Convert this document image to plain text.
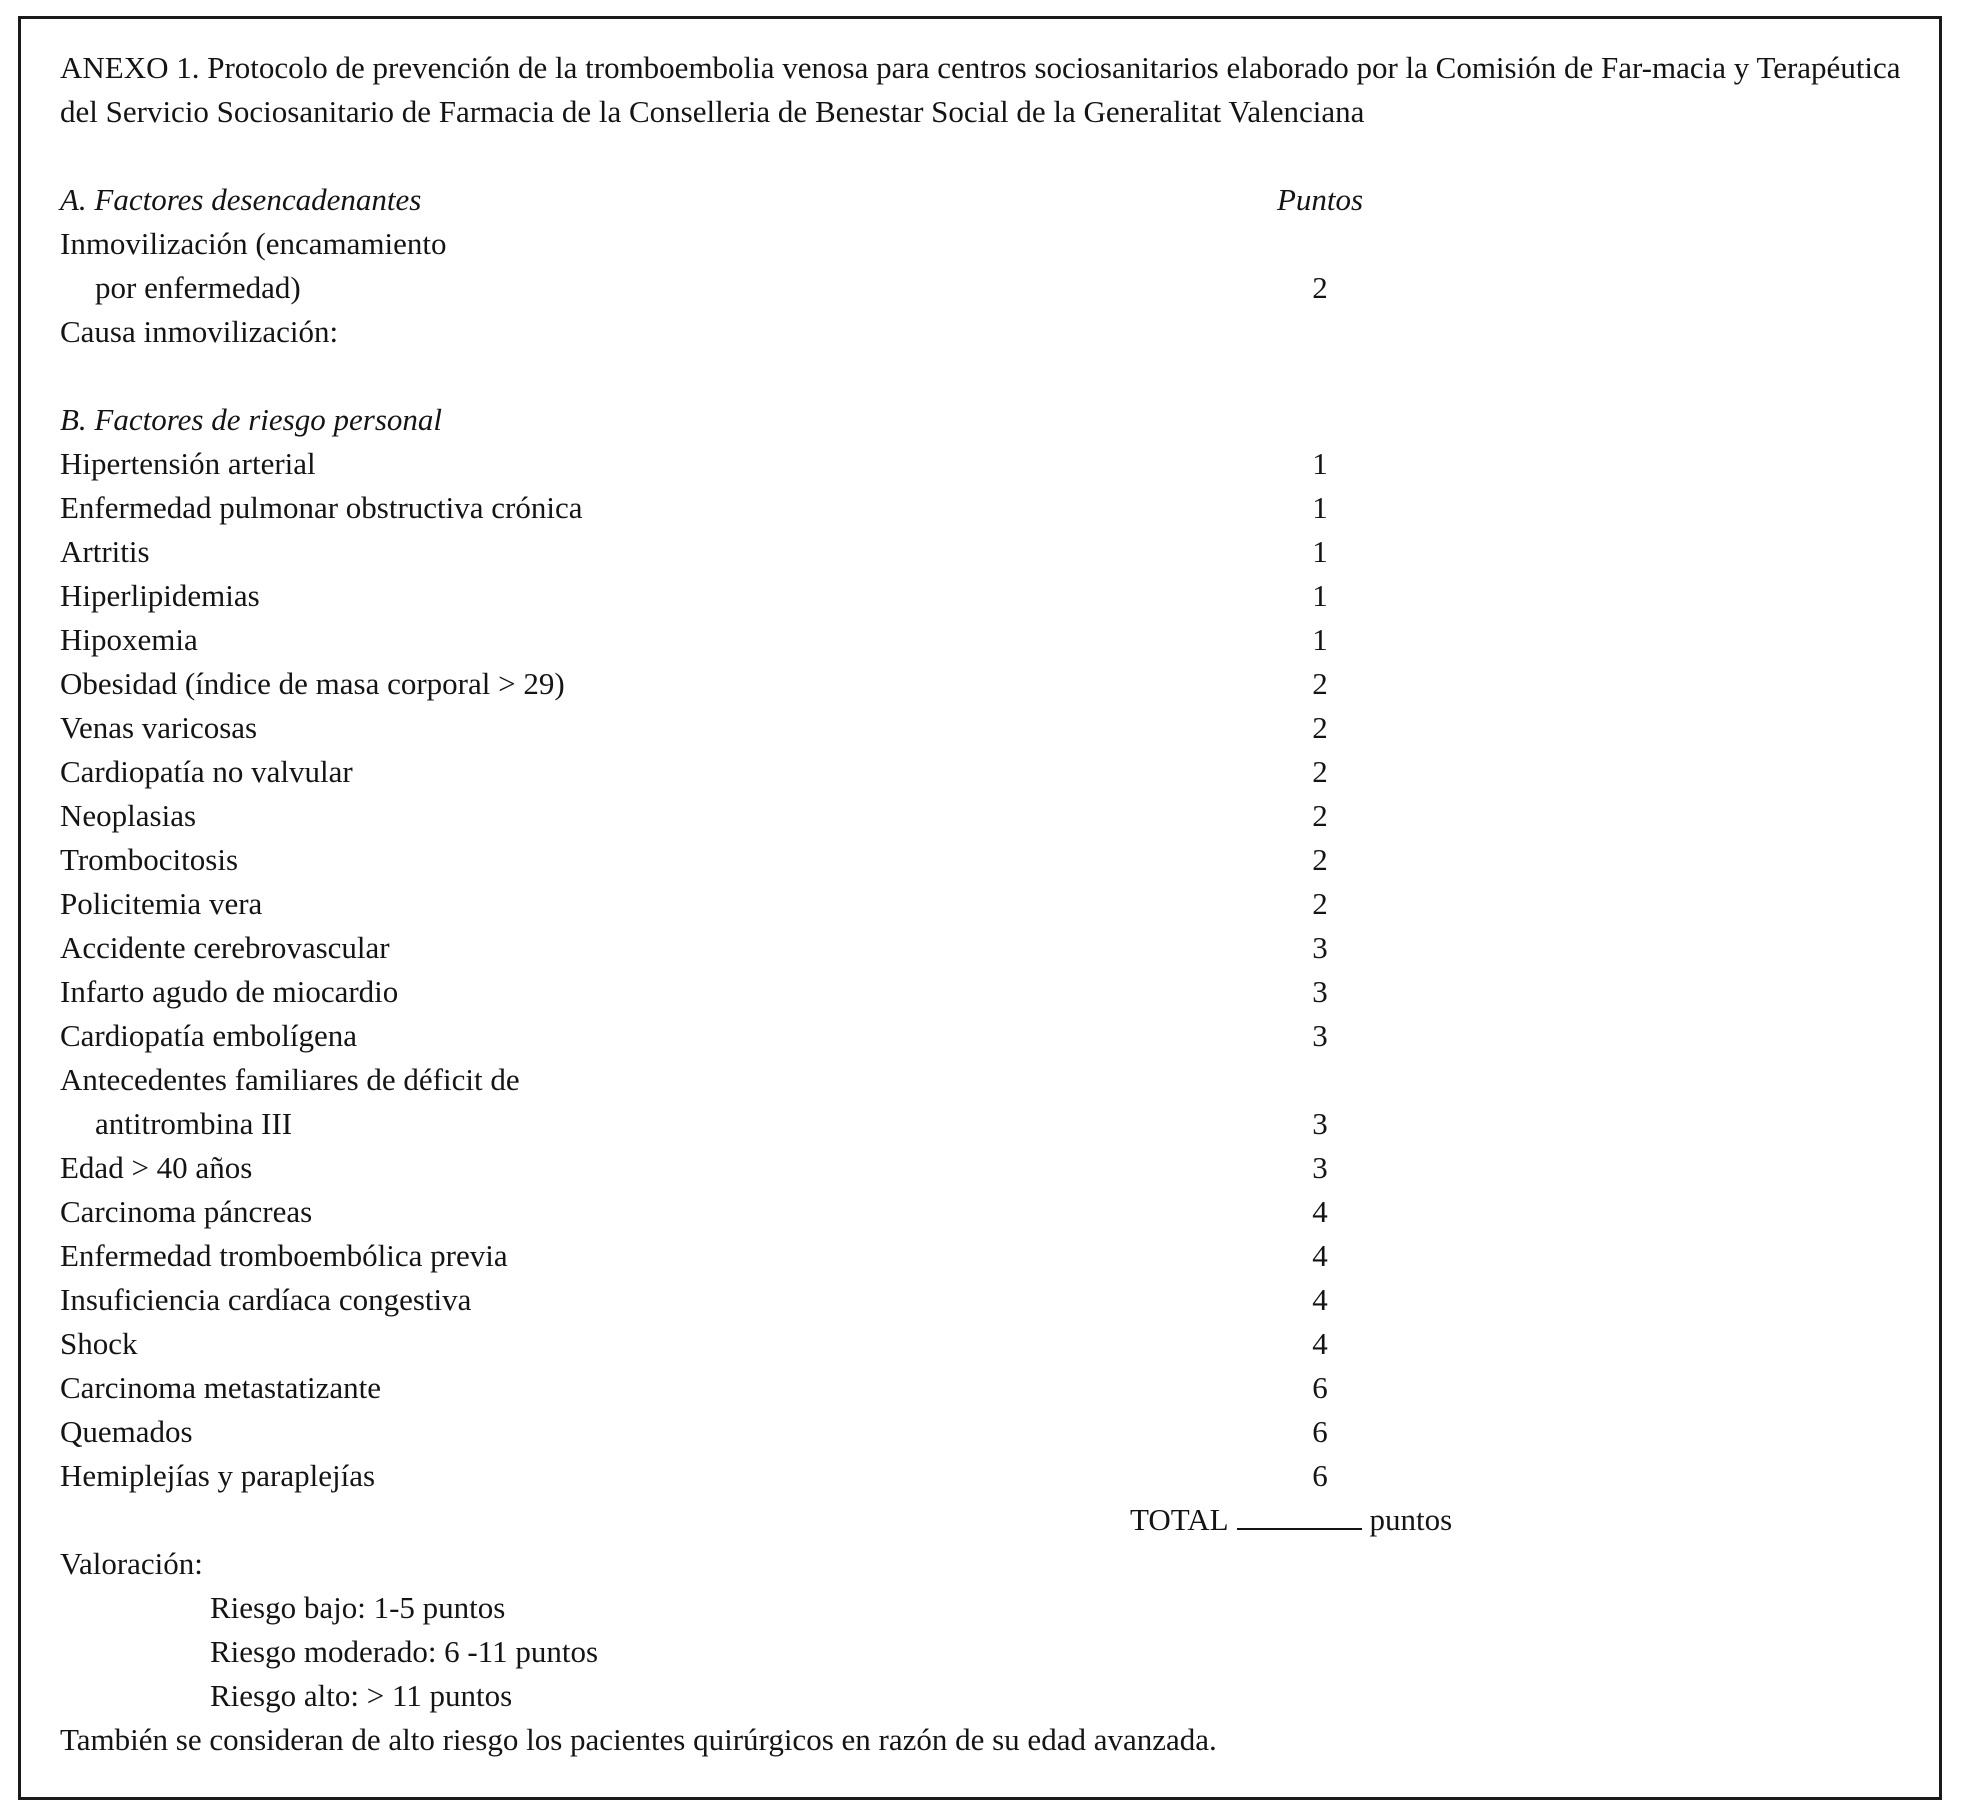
ANEXO 1. Protocolo de prevención de la tromboembolia venosa para centros sociosanitarios elaborado por la Comisión de Far-macia y Terapéutica del Servicio Sociosanitario de Farmacia de la Conselleria de Benestar Social de la Generalitat Valenciana

A. Factores desencadenantes	Puntos
Inmovilización (encamamiento
por enfermedad)	2
Causa inmovilización:
B. Factores de riesgo personal
Hipertensión arterial	1
Enfermedad pulmonar obstructiva crónica	1
Artritis	1
Hiperlipidemias	1
Hipoxemia	1
Obesidad (índice de masa corporal > 29)	2
Venas varicosas	2
Cardiopatía no valvular	2
Neoplasias	2
Trombocitosis	2
Policitemia vera	2
Accidente cerebrovascular	3
Infarto agudo de miocardio	3
Cardiopatía embolígena	3
Antecedentes familiares de déficit de
antitrombina III	3
Edad > 40 años	3
Carcinoma páncreas	4
Enfermedad tromboembólica previa	4
Insuficiencia cardíaca congestiva	4
Shock	4
Carcinoma metastatizante	6
Quemados	6
Hemiplejías y paraplejías	6
TOTAL	puntos
Valoración:
Riesgo bajo: 1-5 puntos
Riesgo moderado: 6 -11 puntos
Riesgo alto: > 11 puntos
También se consideran de alto riesgo los pacientes quirúrgicos en razón de su edad avanzada.
